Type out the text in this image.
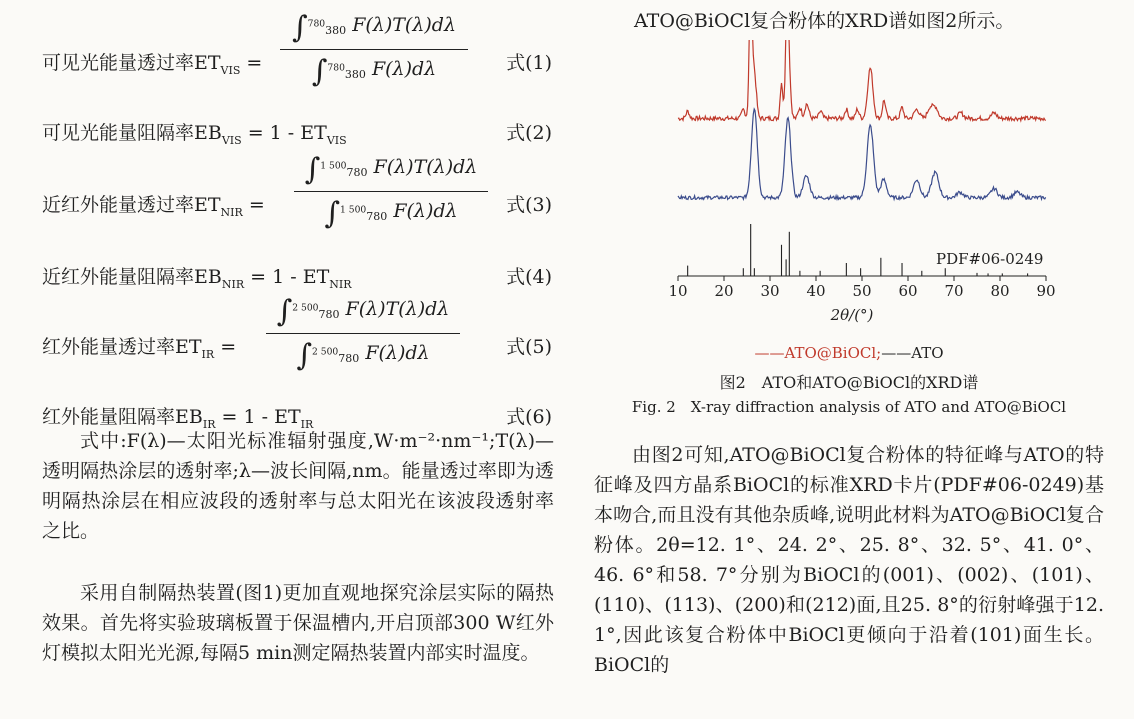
可见光能量透过率$ET_{VIS}$ =
∫$^{780}_{380}$ F(λ)T(λ)dλ
∫$^{780}_{380}$ F(λ)dλ	式(1)
可见光能量阻隔率$EB_{VIS} = 1 - ET_{VIS}$	式(2)
近红外能量透过率$ET_{NIR}$ =
∫$^{1 500}_{780}$ F(λ)T(λ)dλ
∫$^{1 500}_{780}$ F(λ)dλ	式(3)
近红外能量阻隔率$EB_{NIR} = 1 - ET_{NIR}$	式(4)
红外能量透过率$ET_{IR}$ =
∫$^{2 500}_{780}$ F(λ)T(λ)dλ
∫$^{2 500}_{780}$ F(λ)dλ	式(5)
红外能量阻隔率$EB_{IR} = 1 - ET_{IR}$	式(6)

式中:F(λ)—太阳光标准辐射强度,W·m⁻²·nm⁻¹;T(λ)—透明隔热涂层的透射率;λ—波长间隔,nm。能量透过率即为透明隔热涂层在相应波段的透射率与总太阳光在该波段透射率之比。

采用自制隔热装置(图1)更加直观地探究涂层实际的隔热效果。首先将实验玻璃板置于保温槽内,开启顶部300 W红外灯模拟太阳光光源,每隔5 min测定隔热装置内部实时温度。

ATO@BiOCl复合粉体的XRD谱如图2所示。
10 20 30 40 50 60 70 80 90
PDF#06-0249
2θ/(°)
——ATO@BiOCl;——ATO
图2　ATO和ATO@BiOCl的XRD谱
Fig. 2　X-ray diffraction analysis of ATO and ATO@BiOCl

由图2可知,ATO@BiOCl复合粉体的特征峰与ATO的特征峰及四方晶系BiOCl的标准XRD卡片(PDF#06-0249)基本吻合,而且没有其他杂质峰,说明此材料为ATO@BiOCl复合粉体。2θ=12. 1°、24. 2°、25. 8°、32. 5°、41. 0°、46. 6°和58. 7°分别为BiOCl的(001)、(002)、(101)、(110)、(113)、(200)和(212)面,且25. 8°的衍射峰强于12. 1°,因此该复合粉体中BiOCl更倾向于沿着(101)面生长。BiOCl的
